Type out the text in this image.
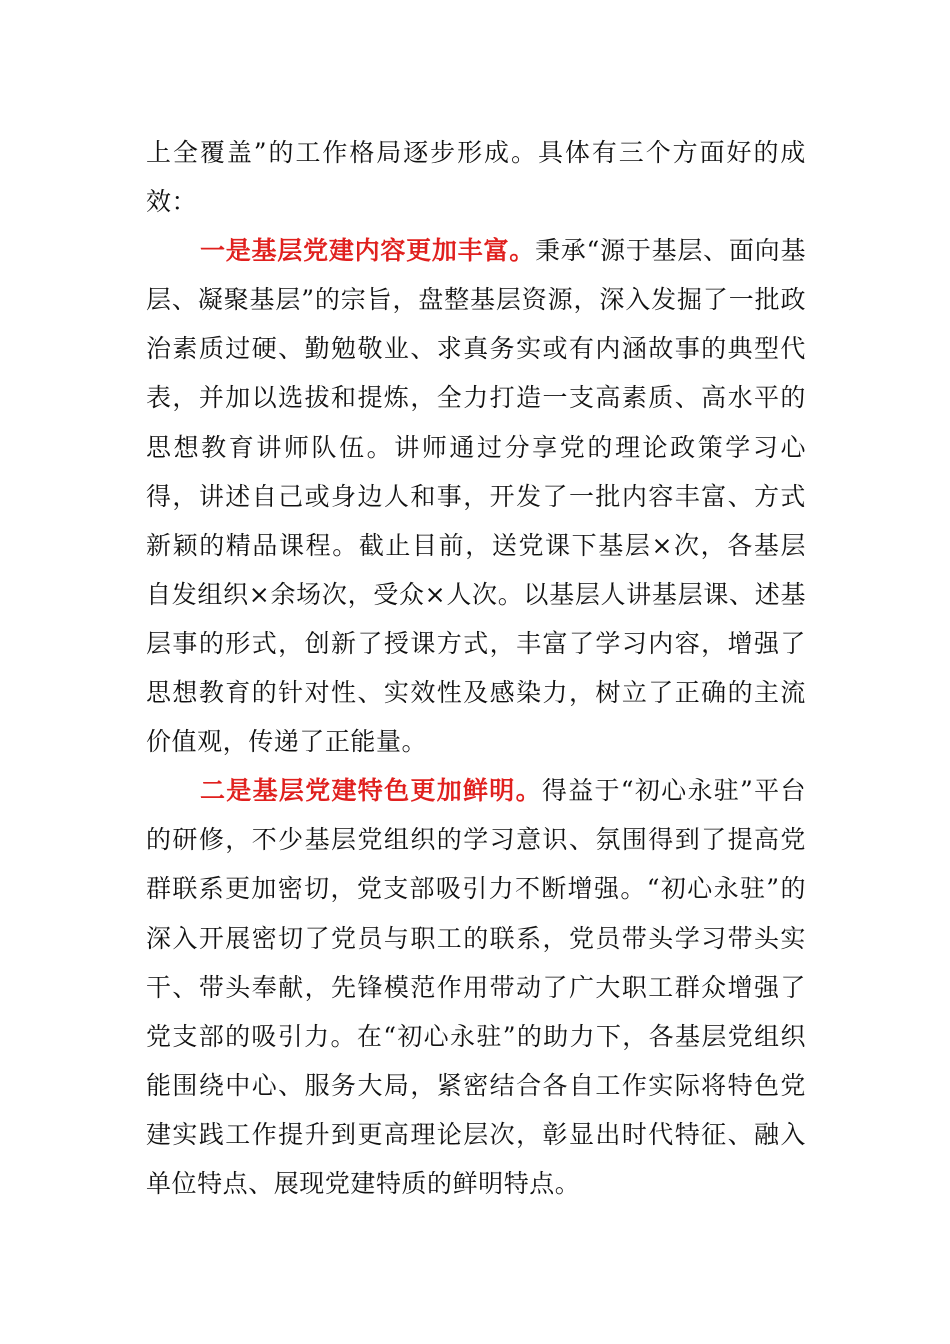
上全覆盖”的工作格局逐步形成。具体有三个方面好的成效：

一是基层党建内容更加丰富。秉承“源于基层、面向基层、凝聚基层”的宗旨，盘整基层资源，深入发掘了一批政治素质过硬、勤勉敬业、求真务实或有内涵故事的典型代表，并加以选拔和提炼，全力打造一支高素质、高水平的思想教育讲师队伍。讲师通过分享党的理论政策学习心得，讲述自己或身边人和事，开发了一批内容丰富、方式新颖的精品课程。截止目前，送党课下基层×次，各基层自发组织×余场次，受众×人次。以基层人讲基层课、述基层事的形式，创新了授课方式，丰富了学习内容，增强了思想教育的针对性、实效性及感染力，树立了正确的主流价值观，传递了正能量。

二是基层党建特色更加鲜明。得益于“初心永驻”平台的研修，不少基层党组织的学习意识、氛围得到了提高党群联系更加密切，党支部吸引力不断增强。“初心永驻”的深入开展密切了党员与职工的联系，党员带头学习带头实干、带头奉献，先锋模范作用带动了广大职工群众增强了党支部的吸引力。在“初心永驻”的助力下，各基层党组织能围绕中心、服务大局，紧密结合各自工作实际将特色党建实践工作提升到更高理论层次，彰显出时代特征、融入单位特点、展现党建特质的鲜明特点。
